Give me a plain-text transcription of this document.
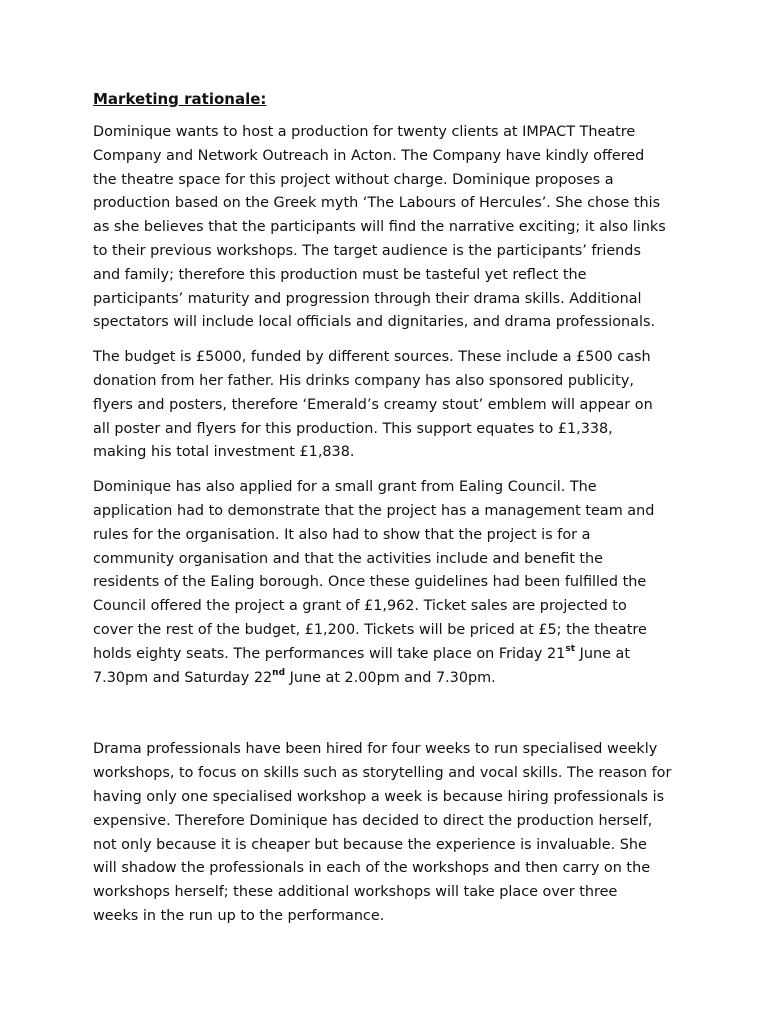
Marketing rationale:
Dominique wants to host a production for twenty clients at IMPACT Theatre
Company and Network Outreach in Acton. The Company have kindly offered
the theatre space for this project without charge. Dominique proposes a
production based on the Greek myth ‘The Labours of Hercules’. She chose this
as she believes that the participants will find the narrative exciting; it also links
to their previous workshops. The target audience is the participants’ friends
and family; therefore this production must be tasteful yet reflect the
participants’ maturity and progression through their drama skills. Additional
spectators will include local officials and dignitaries, and drama professionals.
The budget is £5000, funded by different sources. These include a £500 cash
donation from her father. His drinks company has also sponsored publicity,
flyers and posters, therefore ‘Emerald’s creamy stout’ emblem will appear on
all poster and flyers for this production. This support equates to £1,338,
making his total investment £1,838.
Dominique has also applied for a small grant from Ealing Council. The
application had to demonstrate that the project has a management team and
rules for the organisation. It also had to show that the project is for a
community organisation and that the activities include and benefit the
residents of the Ealing borough. Once these guidelines had been fulfilled the
Council offered the project a grant of £1,962. Ticket sales are projected to
cover the rest of the budget, £1,200. Tickets will be priced at £5; the theatre
holds eighty seats. The performances will take place on Friday 21st June at
7.30pm and Saturday 22nd June at 2.00pm and 7.30pm.
Drama professionals have been hired for four weeks to run specialised weekly
workshops, to focus on skills such as storytelling and vocal skills. The reason for
having only one specialised workshop a week is because hiring professionals is
expensive. Therefore Dominique has decided to direct the production herself,
not only because it is cheaper but because the experience is invaluable. She
will shadow the professionals in each of the workshops and then carry on the
workshops herself; these additional workshops will take place over three
weeks in the run up to the performance.
